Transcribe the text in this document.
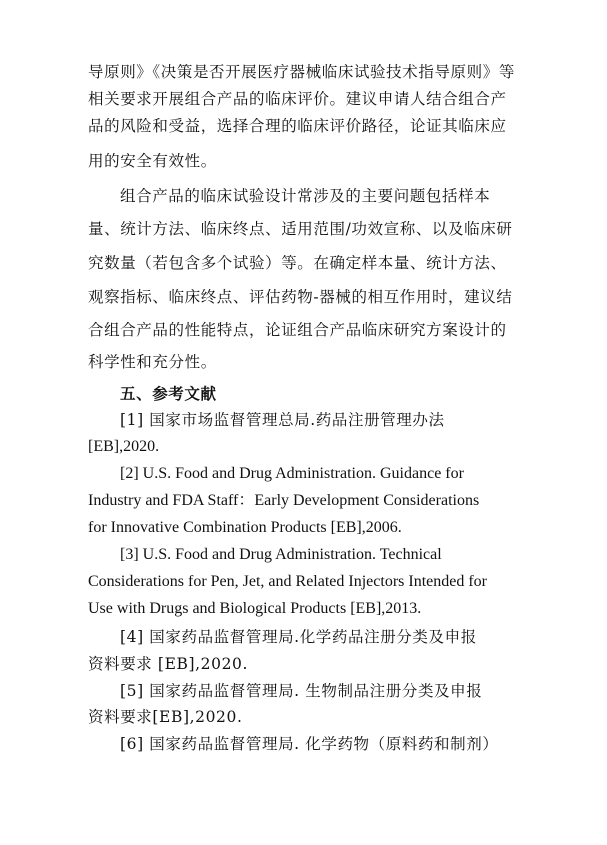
导原则》《决策是否开展医疗器械临床试验技术指导原则》等
相关要求开展组合产品的临床评价。建议申请人结合组合产
品的风险和受益，选择合理的临床评价路径，论证其临床应
用的安全有效性。
组合产品的临床试验设计常涉及的主要问题包括样本
量、统计方法、临床终点、适用范围/功效宣称、以及临床研
究数量（若包含多个试验）等。在确定样本量、统计方法、
观察指标、临床终点、评估药物-器械的相互作用时，建议结
合组合产品的性能特点，论证组合产品临床研究方案设计的
科学性和充分性。
五、参考文献
[1] 国家市场监督管理总局.药品注册管理办法
[EB],2020.
[2] U.S. Food and Drug Administration. Guidance for
Industry and FDA Staff：Early Development Considerations
for Innovative Combination Products [EB],2006.
[3] U.S. Food and Drug Administration. Technical
Considerations for Pen, Jet, and Related Injectors Intended for
Use with Drugs and Biological Products [EB],2013.
[4] 国家药品监督管理局.化学药品注册分类及申报
资料要求 [EB],2020.
[5] 国家药品监督管理局. 生物制品注册分类及申报
资料要求[EB],2020.
[6] 国家药品监督管理局. 化学药物（原料药和制剂）
